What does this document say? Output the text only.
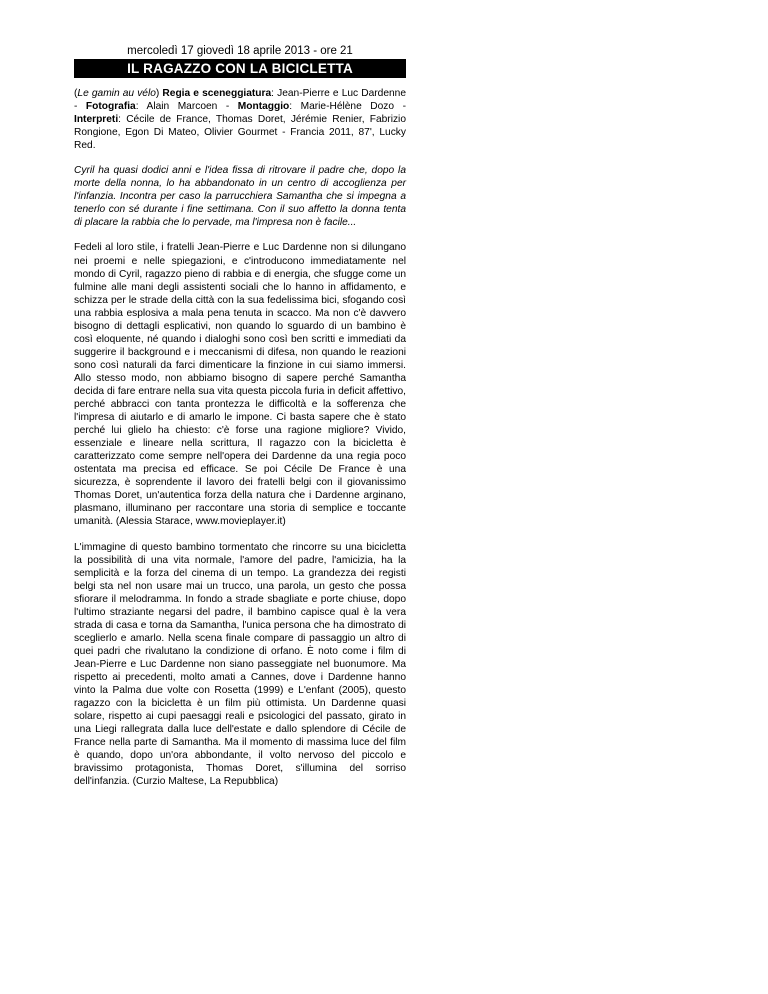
mercoledì 17 giovedì 18 aprile 2013 - ore 21
IL RAGAZZO CON LA BICICLETTA

(Le gamin au vélo) Regia e sceneggiatura: Jean-Pierre e Luc Dardenne - Fotografia: Alain Marcoen - Montaggio: Marie-Hélène Dozo - Interpreti: Cécile de France, Thomas Doret, Jérémie Renier, Fabrizio Rongione, Egon Di Mateo, Olivier Gourmet - Francia 2011, 87', Lucky Red.

Cyril ha quasi dodici anni e l'idea fissa di ritrovare il padre che, dopo la morte della nonna, lo ha abbandonato in un centro di accoglienza per l'infanzia. Incontra per caso la parrucchiera Samantha che si impegna a tenerlo con sé durante i fine settimana. Con il suo affetto la donna tenta di placare la rabbia che lo pervade, ma l'impresa non è facile...

Fedeli al loro stile, i fratelli Jean-Pierre e Luc Dardenne non si dilungano nei proemi e nelle spiegazioni, e c'introducono immediatamente nel mondo di Cyril, ragazzo pieno di rabbia e di energia, che sfugge come un fulmine alle mani degli assistenti sociali che lo hanno in affidamento, e schizza per le strade della città con la sua fedelissima bici, sfogando così una rabbia esplosiva a mala pena tenuta in scacco. Ma non c'è davvero bisogno di dettagli esplicativi, non quando lo sguardo di un bambino è così eloquente, né quando i dialoghi sono così ben scritti e immediati da suggerire il background e i meccanismi di difesa, non quando le reazioni sono così naturali da farci dimenticare la finzione in cui siamo immersi. Allo stesso modo, non abbiamo bisogno di sapere perché Samantha decida di fare entrare nella sua vita questa piccola furia in deficit affettivo, perché abbracci con tanta prontezza le difficoltà e la sofferenza che l'impresa di aiutarlo e di amarlo le impone. Ci basta sapere che è stato perché lui glielo ha chiesto: c'è forse una ragione migliore? Vivido, essenziale e lineare nella scrittura, Il ragazzo con la bicicletta è caratterizzato come sempre nell'opera dei Dardenne da una regia poco ostentata ma precisa ed efficace. Se poi Cécile De France è una sicurezza, è soprendente il lavoro dei fratelli belgi con il giovanissimo Thomas Doret, un'autentica forza della natura che i Dardenne arginano, plasmano, illuminano per raccontare una storia di semplice e toccante umanità. (Alessia Starace, www.movieplayer.it)

L'immagine di questo bambino tormentato che rincorre su una bicicletta la possibilità di una vita normale, l'amore del padre, l'amicizia, ha la semplicità e la forza del cinema di un tempo. La grandezza dei registi belgi sta nel non usare mai un trucco, una parola, un gesto che possa sfiorare il melodramma. In fondo a strade sbagliate e porte chiuse, dopo l'ultimo straziante negarsi del padre, il bambino capisce qual è la vera strada di casa e torna da Samantha, l'unica persona che ha dimostrato di sceglierlo e amarlo. Nella scena finale compare di passaggio un altro di quei padri che rivalutano la condizione di orfano. È noto come i film di Jean-Pierre e Luc Dardenne non siano passeggiate nel buonumore. Ma rispetto ai precedenti, molto amati a Cannes, dove i Dardenne hanno vinto la Palma due volte con Rosetta (1999) e L'enfant (2005), questo ragazzo con la bicicletta è un film più ottimista. Un Dardenne quasi solare, rispetto ai cupi paesaggi reali e psicologici del passato, girato in una Liegi rallegrata dalla luce dell'estate e dallo splendore di Cécile de France nella parte di Samantha. Ma il momento di massima luce del film è quando, dopo un'ora abbondante, il volto nervoso del piccolo e bravissimo protagonista, Thomas Doret, s'illumina del sorriso dell'infanzia. (Curzio Maltese, La Repubblica)
